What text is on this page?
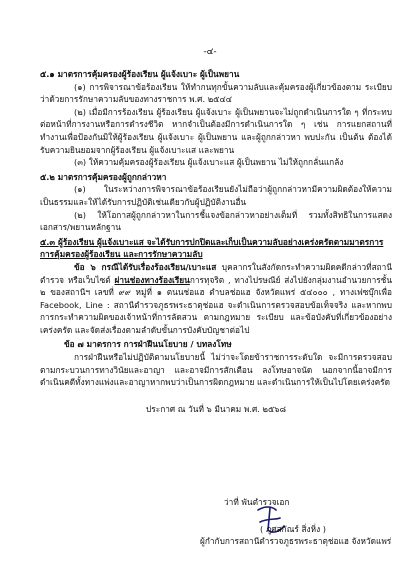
-๔-
๕.๑ มาตรการคุ้มครองผู้ร้องเรียน ผู้แจ้งเบาะ ผู้เป็นพยาน
(๑) การพิจารณาข้อร้องเรียน ให้ทำกนทุกขั้นความลับและคุ้มครองผู้เกี่ยวข้องตาม ระเบียบว่าด้วยการรักษาความลับของทางราชการ พ.ศ. ๒๕๔๔
(๒) เมื่อมีการร้องเรียน ผู้ร้องเรียน ผู้แจ้งเบาะ ผู้เป็นพยานจะไม่ถูกดำเนินการใด ๆ ที่กระทบต่อหน้าที่การงานหรือการดำรงชีวิต หากจำเป็นต้องมีการดำเนินการใด ๆ เช่น การแยกสถานที่ทำงานเพื่อป้องกันมิให้ผู้ร้องเรียน ผู้แจ้งเบาะ ผู้เป็นพยาน และผู้ถูกกล่าวหา พบปะกัน เป็นต้น ต้องได้รับความยินยอมจากผู้ร้องเรียน ผู้แจ้งเบาะแส และพยาน
(๓) ให้ความคุ้มครองผู้ร้องเรียน ผู้แจ้งเบาะแส ผู้เป็นพยาน ไม่ให้ถูกกลั่นแกล้ง
๕.๒ มาตรการคุ้มครองผู้ถูกกล่าวหา
(๑) ในระหว่างการพิจารณาข้อร้องเรียนยังไม่ถือว่าผู้ถูกกล่าวหามีความผิดต้องให้ความ เป็นธรรมและให้ได้รับการปฏิบัติเช่นเดียวกับผู้ปฏิบัติงานอื่น
(๒) ให้โอกาสผู้ถูกกล่าวหาในการชี้แจงข้อกล่าวหาอย่างเต็มที่ รวมทั้งสิทธิในการแสดง เอกสาร/พยานหลักฐาน
๕.๓ ผู้ร้องเรียน ผู้แจ้งเบาะแส จะได้รับการปกปิดและเก็บเป็นความลับอย่างเคร่งครัดตามมาตรการการคุ้มครองผู้ร้องเรียน และการรักษาความลับ
ข้อ ๖ กรณีได้รับเรื่องร้องเรียน/เบาะแส บุคลากรในสังกัดกระทำความผิดคดีกล่าวที่สถานีตำรวจ หรือเว็บไซต์ ผ่านช่องทางร้องเรียนการทุจริต , ทางไปรษณีย์ ส่งไปยังกลุ่มงานอำนวยการชั้น ๒ ของสถานีฯ เลขที่ ๙๙ หมู่ที่ ๑ ตนนช่อแฮ ตำบลช่อแฮ จังหวัดแพร่ ๕๔๐๐๐ , ทางเฟซบุ๊กเพื่อ Facebook, Line : สถานีตำรวจภูธรพระธาตุช่อแฮ จะดำเนินการตรวจสอบข้อเท็จจริง และหากพบการกระทำความผิดของเจ้าหน้าที่การลัดสวน ตามกฎหมาย ระเบียบ และข้อบังคับที่เกี่ยวข้องอย่างเคร่งครัด และจัดส่งเรื่องตามลำดับขั้นการบังคับบัญชาต่อไป
ข้อ ๗ มาตรการ การฝ่าฝืนนโยบาย / บทลงโทษ
การฝ่าฝืนหรือไม่ปฏิบัติตามนโยบายนี้ ไม่ว่าจะโดยข้าราชการระดับใด จะมีการตรวจสอบตามกระบวนการทางวินัยและอาญา และอาจมีการสักเตือน ลงโทษอาจนัด นอกจากนี้อาจมีการดำเนินคดีทั้งทางแพ่งและอาญาหากพบว่าเป็นการผิดกฎหมาย และดำเนินการให้เป็นไปโดยเคร่งครัด
ประกาศ ณ วันที่ ๖ มีนาคม พ.ศ. ๒๕๖๘
ว่าที่ พันตำรวจเอก
( ภูศสกัณร์ สิ่งหิ่ง )
ผู้กำกับการสถานีตำรวจภูธรพระธาตุช่อแฮ จังหวัดแพร่
